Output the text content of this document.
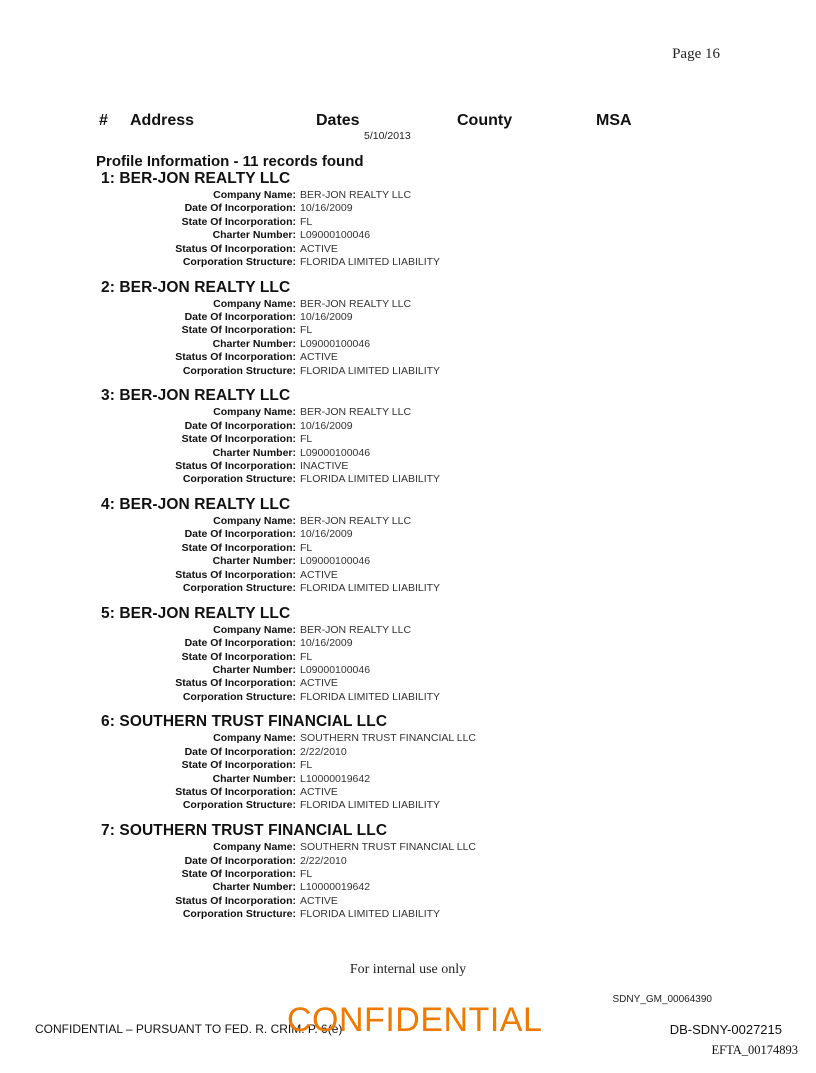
Page 16
# Address	Dates	County	MSA
5/10/2013
Profile Information - 11 records found
1: BER-JON REALTY LLC
Company Name: BER-JON REALTY LLC
Date Of Incorporation: 10/16/2009
State Of Incorporation: FL
Charter Number: L09000100046
Status Of Incorporation: ACTIVE
Corporation Structure: FLORIDA LIMITED LIABILITY
2: BER-JON REALTY LLC
Company Name: BER-JON REALTY LLC
Date Of Incorporation: 10/16/2009
State Of Incorporation: FL
Charter Number: L09000100046
Status Of Incorporation: ACTIVE
Corporation Structure: FLORIDA LIMITED LIABILITY
3: BER-JON REALTY LLC
Company Name: BER-JON REALTY LLC
Date Of Incorporation: 10/16/2009
State Of Incorporation: FL
Charter Number: L09000100046
Status Of Incorporation: INACTIVE
Corporation Structure: FLORIDA LIMITED LIABILITY
4: BER-JON REALTY LLC
Company Name: BER-JON REALTY LLC
Date Of Incorporation: 10/16/2009
State Of Incorporation: FL
Charter Number: L09000100046
Status Of Incorporation: ACTIVE
Corporation Structure: FLORIDA LIMITED LIABILITY
5: BER-JON REALTY LLC
Company Name: BER-JON REALTY LLC
Date Of Incorporation: 10/16/2009
State Of Incorporation: FL
Charter Number: L09000100046
Status Of Incorporation: ACTIVE
Corporation Structure: FLORIDA LIMITED LIABILITY
6: SOUTHERN TRUST FINANCIAL LLC
Company Name: SOUTHERN TRUST FINANCIAL LLC
Date Of Incorporation: 2/22/2010
State Of Incorporation: FL
Charter Number: L10000019642
Status Of Incorporation: ACTIVE
Corporation Structure: FLORIDA LIMITED LIABILITY
7: SOUTHERN TRUST FINANCIAL LLC
Company Name: SOUTHERN TRUST FINANCIAL LLC
Date Of Incorporation: 2/22/2010
State Of Incorporation: FL
Charter Number: L10000019642
Status Of Incorporation: ACTIVE
Corporation Structure: FLORIDA LIMITED LIABILITY
For internal use only
SDNY_GM_00064390
CONFIDENTIAL – PURSUANT TO FED. R. CRIM. P. 6(e)
CONFIDENTIAL	DB-SDNY-0027215
EFTA_00174893
